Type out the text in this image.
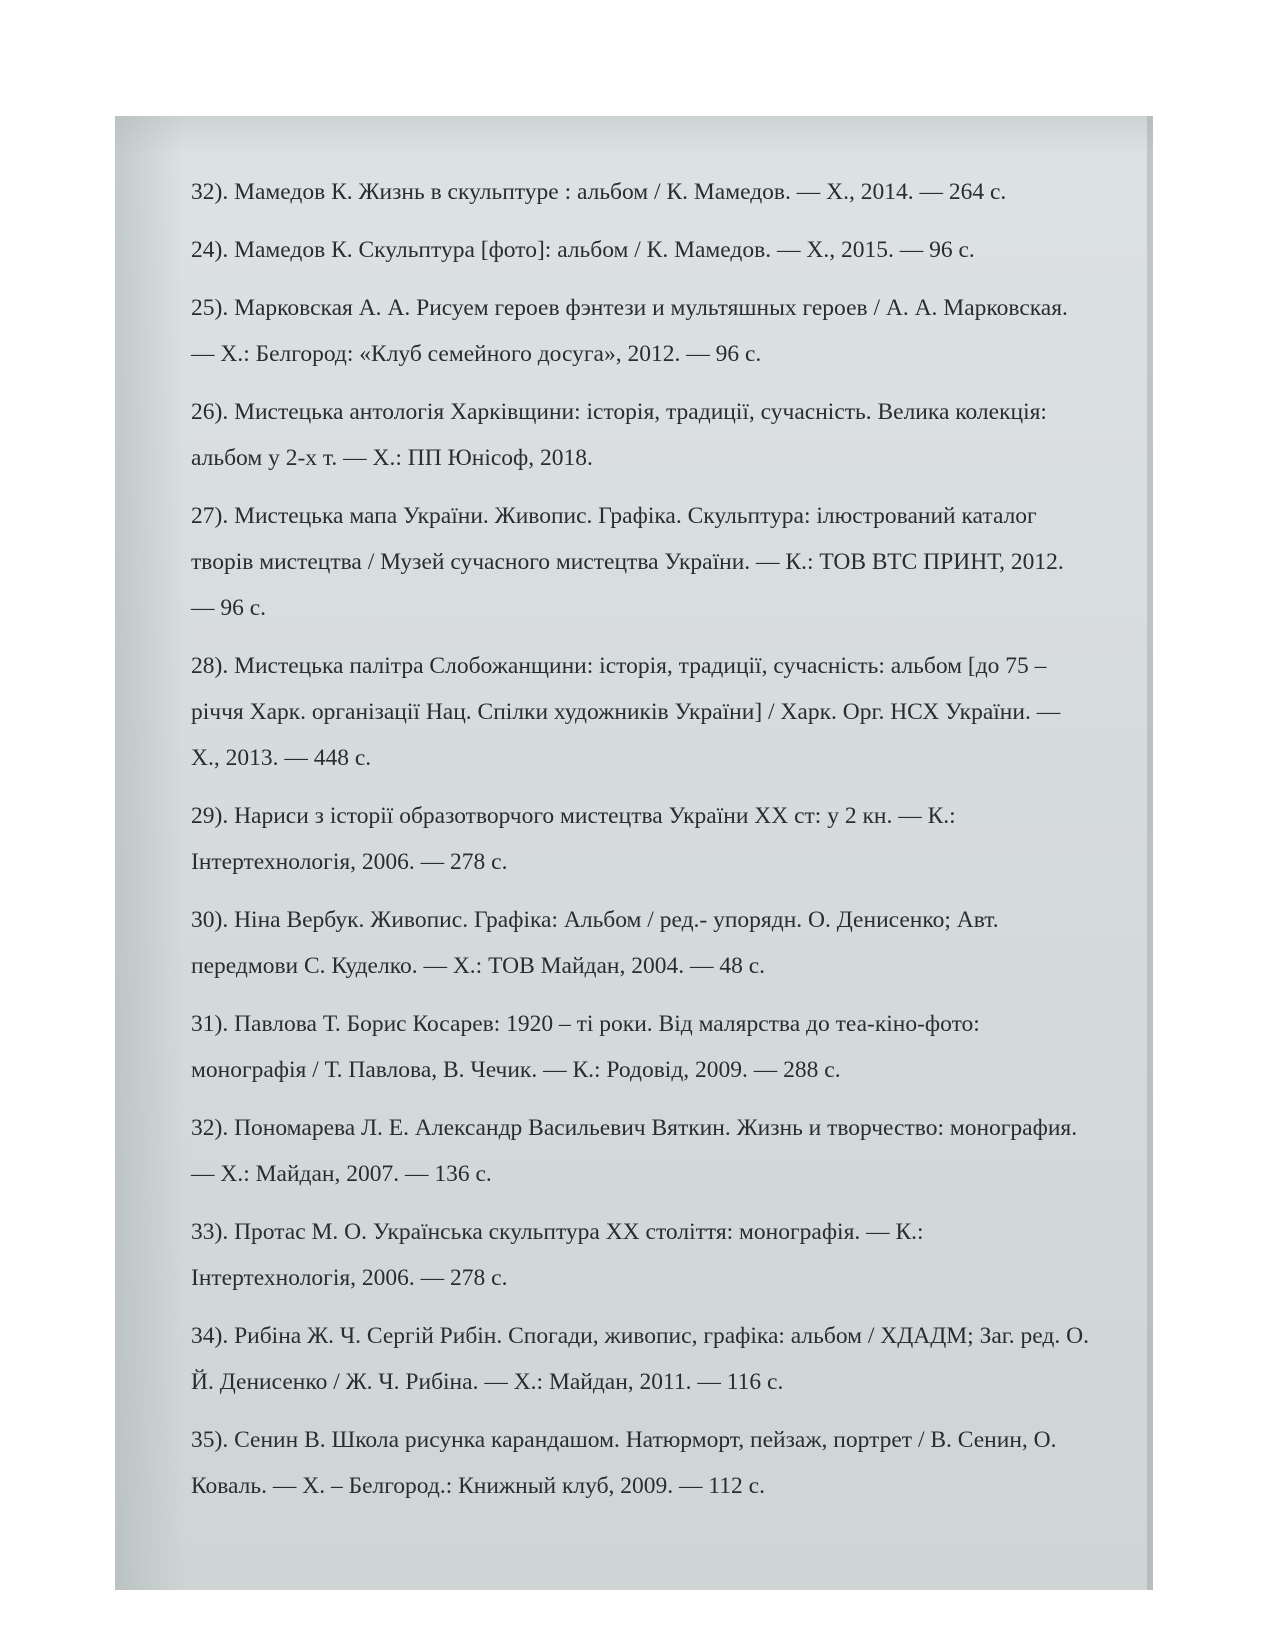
32). Мамедов К. Жизнь в скульптуре : альбом / К. Мамедов. — Х., 2014. — 264 с.
24). Мамедов К. Скульптура [фото]: альбом / К. Мамедов. — Х., 2015. — 96 с.
25). Марковская А. А. Рисуем героев фэнтези и мультяшных героев / А. А. Марковская. — Х.: Белгород: «Клуб семейного досуга», 2012. — 96 с.
26). Мистецька антологія Харківщини: історія, традиції, сучасність. Велика колекція: альбом у 2-х т. — Х.: ПП Юнісоф, 2018.
27). Мистецька мапа України. Живопис. Графіка. Скульптура: ілюстрований каталог творів мистецтва / Музей сучасного мистецтва України. — К.: ТОВ ВТС ПРИНТ, 2012. — 96 с.
28). Мистецька палітра Слобожанщини: історія, традиції, сучасність: альбом [до 75 – річчя Харк. організації Нац. Спілки художників України] / Харк. Орг. НСХ України. — Х., 2013. — 448 с.
29). Нариси з історії образотворчого мистецтва України XX ст: у 2 кн. — К.: Інтертехнологія, 2006. — 278 с.
30). Ніна Вербук. Живопис. Графіка: Альбом / ред.- упорядн. О. Денисенко; Авт. передмови С. Куделко. — Х.: ТОВ Майдан, 2004. — 48 с.
31). Павлова Т. Борис Косарев: 1920 – ті роки. Від малярства до теа-кіно-фото: монографія / Т. Павлова, В. Чечик. — К.: Родовід, 2009. — 288 с.
32). Пономарева Л. Е. Александр Васильевич Вяткин. Жизнь и творчество: монография. — Х.: Майдан, 2007. — 136 с.
33). Протас М. О. Українська скульптура XX століття: монографія. — К.: Інтертехнологія, 2006. — 278 с.
34). Рибіна Ж. Ч. Сергій Рибін. Спогади, живопис, графіка: альбом / ХДАДМ; Заг. ред. О. Й. Денисенко / Ж. Ч. Рибіна. — Х.: Майдан, 2011. — 116 с.
35). Сенин В. Школа рисунка карандашом. Натюрморт, пейзаж, портрет / В. Сенин, О. Коваль. — Х. – Белгород.: Книжный клуб, 2009. — 112 с.
